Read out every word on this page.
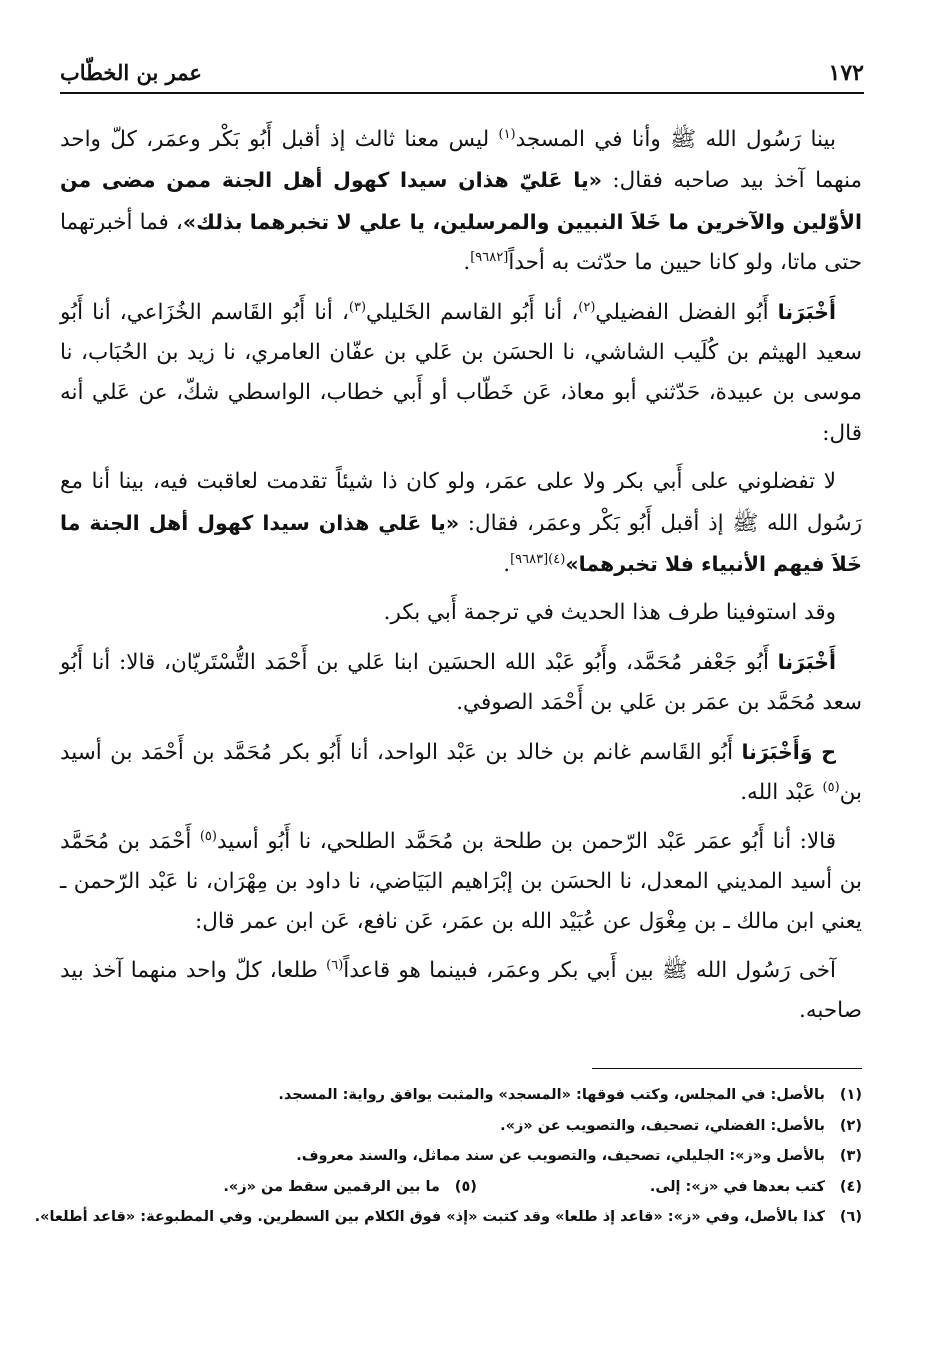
١٧٢
عمر بن الخطّاب

بينا رَسُول الله ﷺ وأنا في المسجد$^{(١)}$ ليس معنا ثالث إذ أقبل أَبُو بَكْر وعمَر، كلّ واحد منهما آخذ بيد صاحبه فقال: «يا عَليّ هذان سيدا كهول أهل الجنة ممن مضى من الأوّلين والآخرين ما خَلاَ النبيين والمرسلين، يا علي لا تخبرهما بذلك»، فما أخبرتهما حتى ماتا، ولو كانا حيين ما حدّثت به أحداً[٩٦٨٢].

أَخْبَرَنا أَبُو الفضل الفضيلي$^{(٢)}$، أنا أَبُو القاسم الخَليلي$^{(٣)}$، أنا أَبُو القَاسم الخُزَاعي، أنا أَبُو سعيد الهيثم بن كُلَيب الشاشي، نا الحسَن بن عَلي بن عفّان العامري، نا زيد بن الحُبَاب، نا موسى بن عبيدة، حَدّثني أبو معاذ، عَن خَطّاب أو أَبي خطاب، الواسطي شكّ، عن عَلي أنه قال:

لا تفضلوني على أَبي بكر ولا على عمَر، ولو كان ذا شيئاً تقدمت لعاقبت فيه، بينا أنا مع رَسُول الله ﷺ إذ أقبل أَبُو بَكْر وعمَر، فقال: «يا عَلي هذان سيدا كهول أهل الجنة ما خَلاَ فيهم الأنبياء فلا تخبرهما»$^{(٤)[٩٦٨٣]}$.

وقد استوفينا طرف هذا الحديث في ترجمة أَبي بكر.

أَخْبَرَنا أَبُو جَعْفر مُحَمَّد، وأَبُو عَبْد الله الحسَين ابنا عَلي بن أَحْمَد التُّسْتَريّان، قالا: أنا أَبُو سعد مُحَمَّد بن عمَر بن عَلي بن أَحْمَد الصوفي.

ح وَأَخْبَرَنا أَبُو القَاسم غانم بن خالد بن عَبْد الواحد، أنا أَبُو بكر مُحَمَّد بن أَحْمَد بن أسيد بن$^{(٥)}$ عَبْد الله.

قالا: أنا أَبُو عمَر عَبْد الرّحمن بن طلحة بن مُحَمَّد الطلحي، نا أَبُو أسيد$^{(٥)}$ أَحْمَد بن مُحَمَّد بن أسيد المديني المعدل، نا الحسَن بن إبْرَاهيم البَيَاضي، نا داود بن مِهْرَان، نا عَبْد الرّحمن ـ يعني ابن مالك ـ بن مِغْوَل عن عُبَيْد الله بن عمَر، عَن نافع، عَن ابن عمر قال:

آخى رَسُول الله ﷺ بين أَبي بكر وعمَر، فبينما هو قاعداً$^{(٦)}$ طلعا، كلّ واحد منهما آخذ بيد صاحبه.

(١) بالأصل: في المجلس، وكتب فوقها: «المسجد» والمثبت يوافق رواية: المسجد.
(٢) بالأصل: الفضلي، تصحيف، والتصويب عن «ز».
(٣) بالأصل و«ز»: الجليلي، تصحيف، والتصويب عن سند مماثل، والسند معروف.
(٤) كتب بعدها في «ز»: إلى. (٥) ما بين الرقمين سقط من «ز».
(٦) كذا بالأصل، وفي «ز»: «قاعد إذ طلعا» وقد كتبت «إذ» فوق الكلام بين السطرين. وفي المطبوعة: «قاعد أطلعا».
